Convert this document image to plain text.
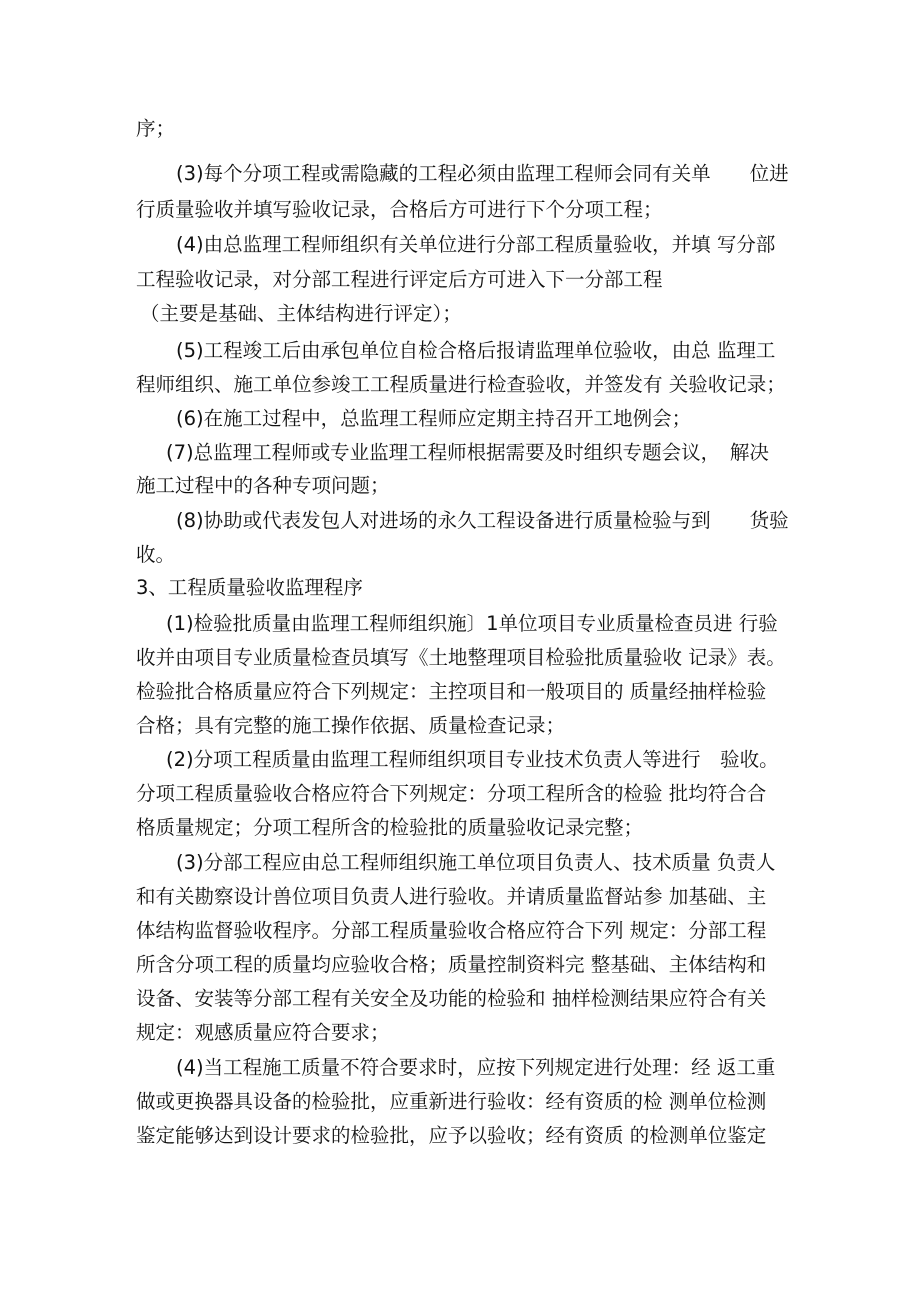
序；
(3)每个分项工程或需隐藏的工程必须由监理工程师会同有关单　　位进
行质量验收并填写验收记录，合格后方可进行下个分项工程；
(4)由总监理工程师组织有关单位进行分部工程质量验收，并填 写分部
工程验收记录，对分部工程进行评定后方可进入下一分部工程
（主要是基础、主体结构进行评定）；
(5)工程竣工后由承包单位自检合格后报请监理单位验收，由总 监理工
程师组织、施工单位参竣工工程质量进行检查验收，并签发有 关验收记录；
(6)在施工过程中，总监理工程师应定期主持召开工地例会；
(7)总监理工程师或专业监理工程师根据需要及时组织专题会议，　解决
施工过程中的各种专项问题；
(8)协助或代表发包人对进场的永久工程设备进行质量检验与到　　货验
收。
3、工程质量验收监理程序
(1)检验批质量由监理工程师组织施〕1单位项目专业质量检查员进 行验
收并由项目专业质量检查员填写《土地整理项目检验批质量验收 记录》表。
检验批合格质量应符合下列规定：主控项目和一般项目的 质量经抽样检验
合格；具有完整的施工操作依据、质量检查记录；
(2)分项工程质量由监理工程师组织项目专业技术负责人等进行　验收。
分项工程质量验收合格应符合下列规定：分项工程所含的检验 批均符合合
格质量规定；分项工程所含的检验批的质量验收记录完整；
(3)分部工程应由总工程师组织施工单位项目负责人、技术质量 负责人
和有关勘察设计兽位项目负责人进行验收。并请质量监督站参 加基础、主
体结构监督验收程序。分部工程质量验收合格应符合下列 规定：分部工程
所含分项工程的质量均应验收合格；质量控制资料完 整基础、主体结构和
设备、安装等分部工程有关安全及功能的检验和 抽样检测结果应符合有关
规定：观感质量应符合要求；
(4)当工程施工质量不符合要求时，应按下列规定进行处理：经 返工重
做或更换器具设备的检验批，应重新进行验收：经有资质的检 测单位检测
鉴定能够达到设计要求的检验批，应予以验收；经有资质 的检测单位鉴定
